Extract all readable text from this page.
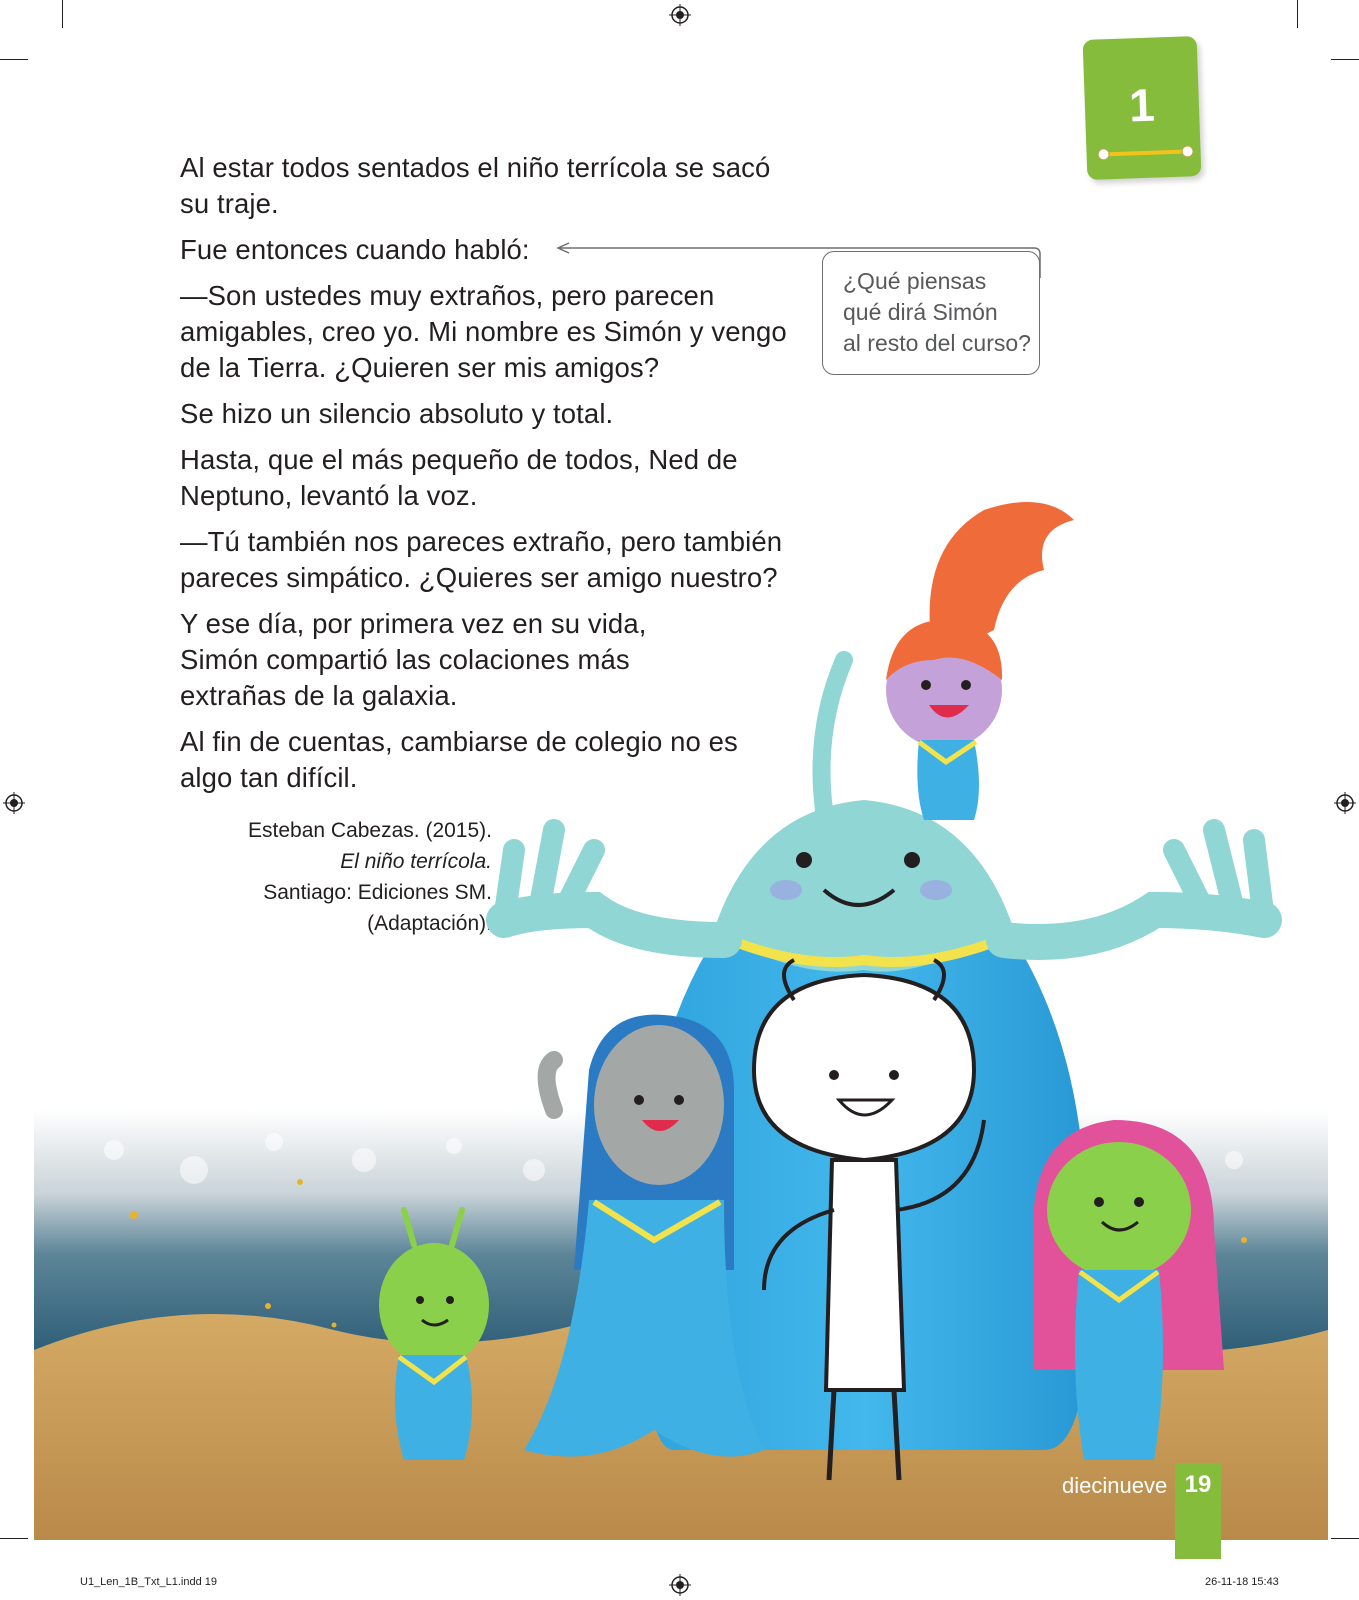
1

Al estar todos sentados el niño terrícola se sacó su traje.

Fue entonces cuando habló:

—Son ustedes muy extraños, pero parecen amigables, creo yo. Mi nombre es Simón y vengo de la Tierra. ¿Quieren ser mis amigos?

Se hizo un silencio absoluto y total.

Hasta, que el más pequeño de todos, Ned de Neptuno, levantó la voz.

—Tú también nos pareces extraño, pero también pareces simpático. ¿Quieres ser amigo nuestro?

Y ese día, por primera vez en su vida, Simón compartió las colaciones más extrañas de la galaxia.

Al fin de cuentas, cambiarse de colegio no es algo tan difícil.

Esteban Cabezas. (2015).
El niño terrícola.
Santiago: Ediciones SM.
(Adaptación).
¿Qué piensas
qué dirá Simón
al resto del curso?
diecinueve 19
U1_Len_1B_Txt_L1.indd 19	26-11-18 15:43
